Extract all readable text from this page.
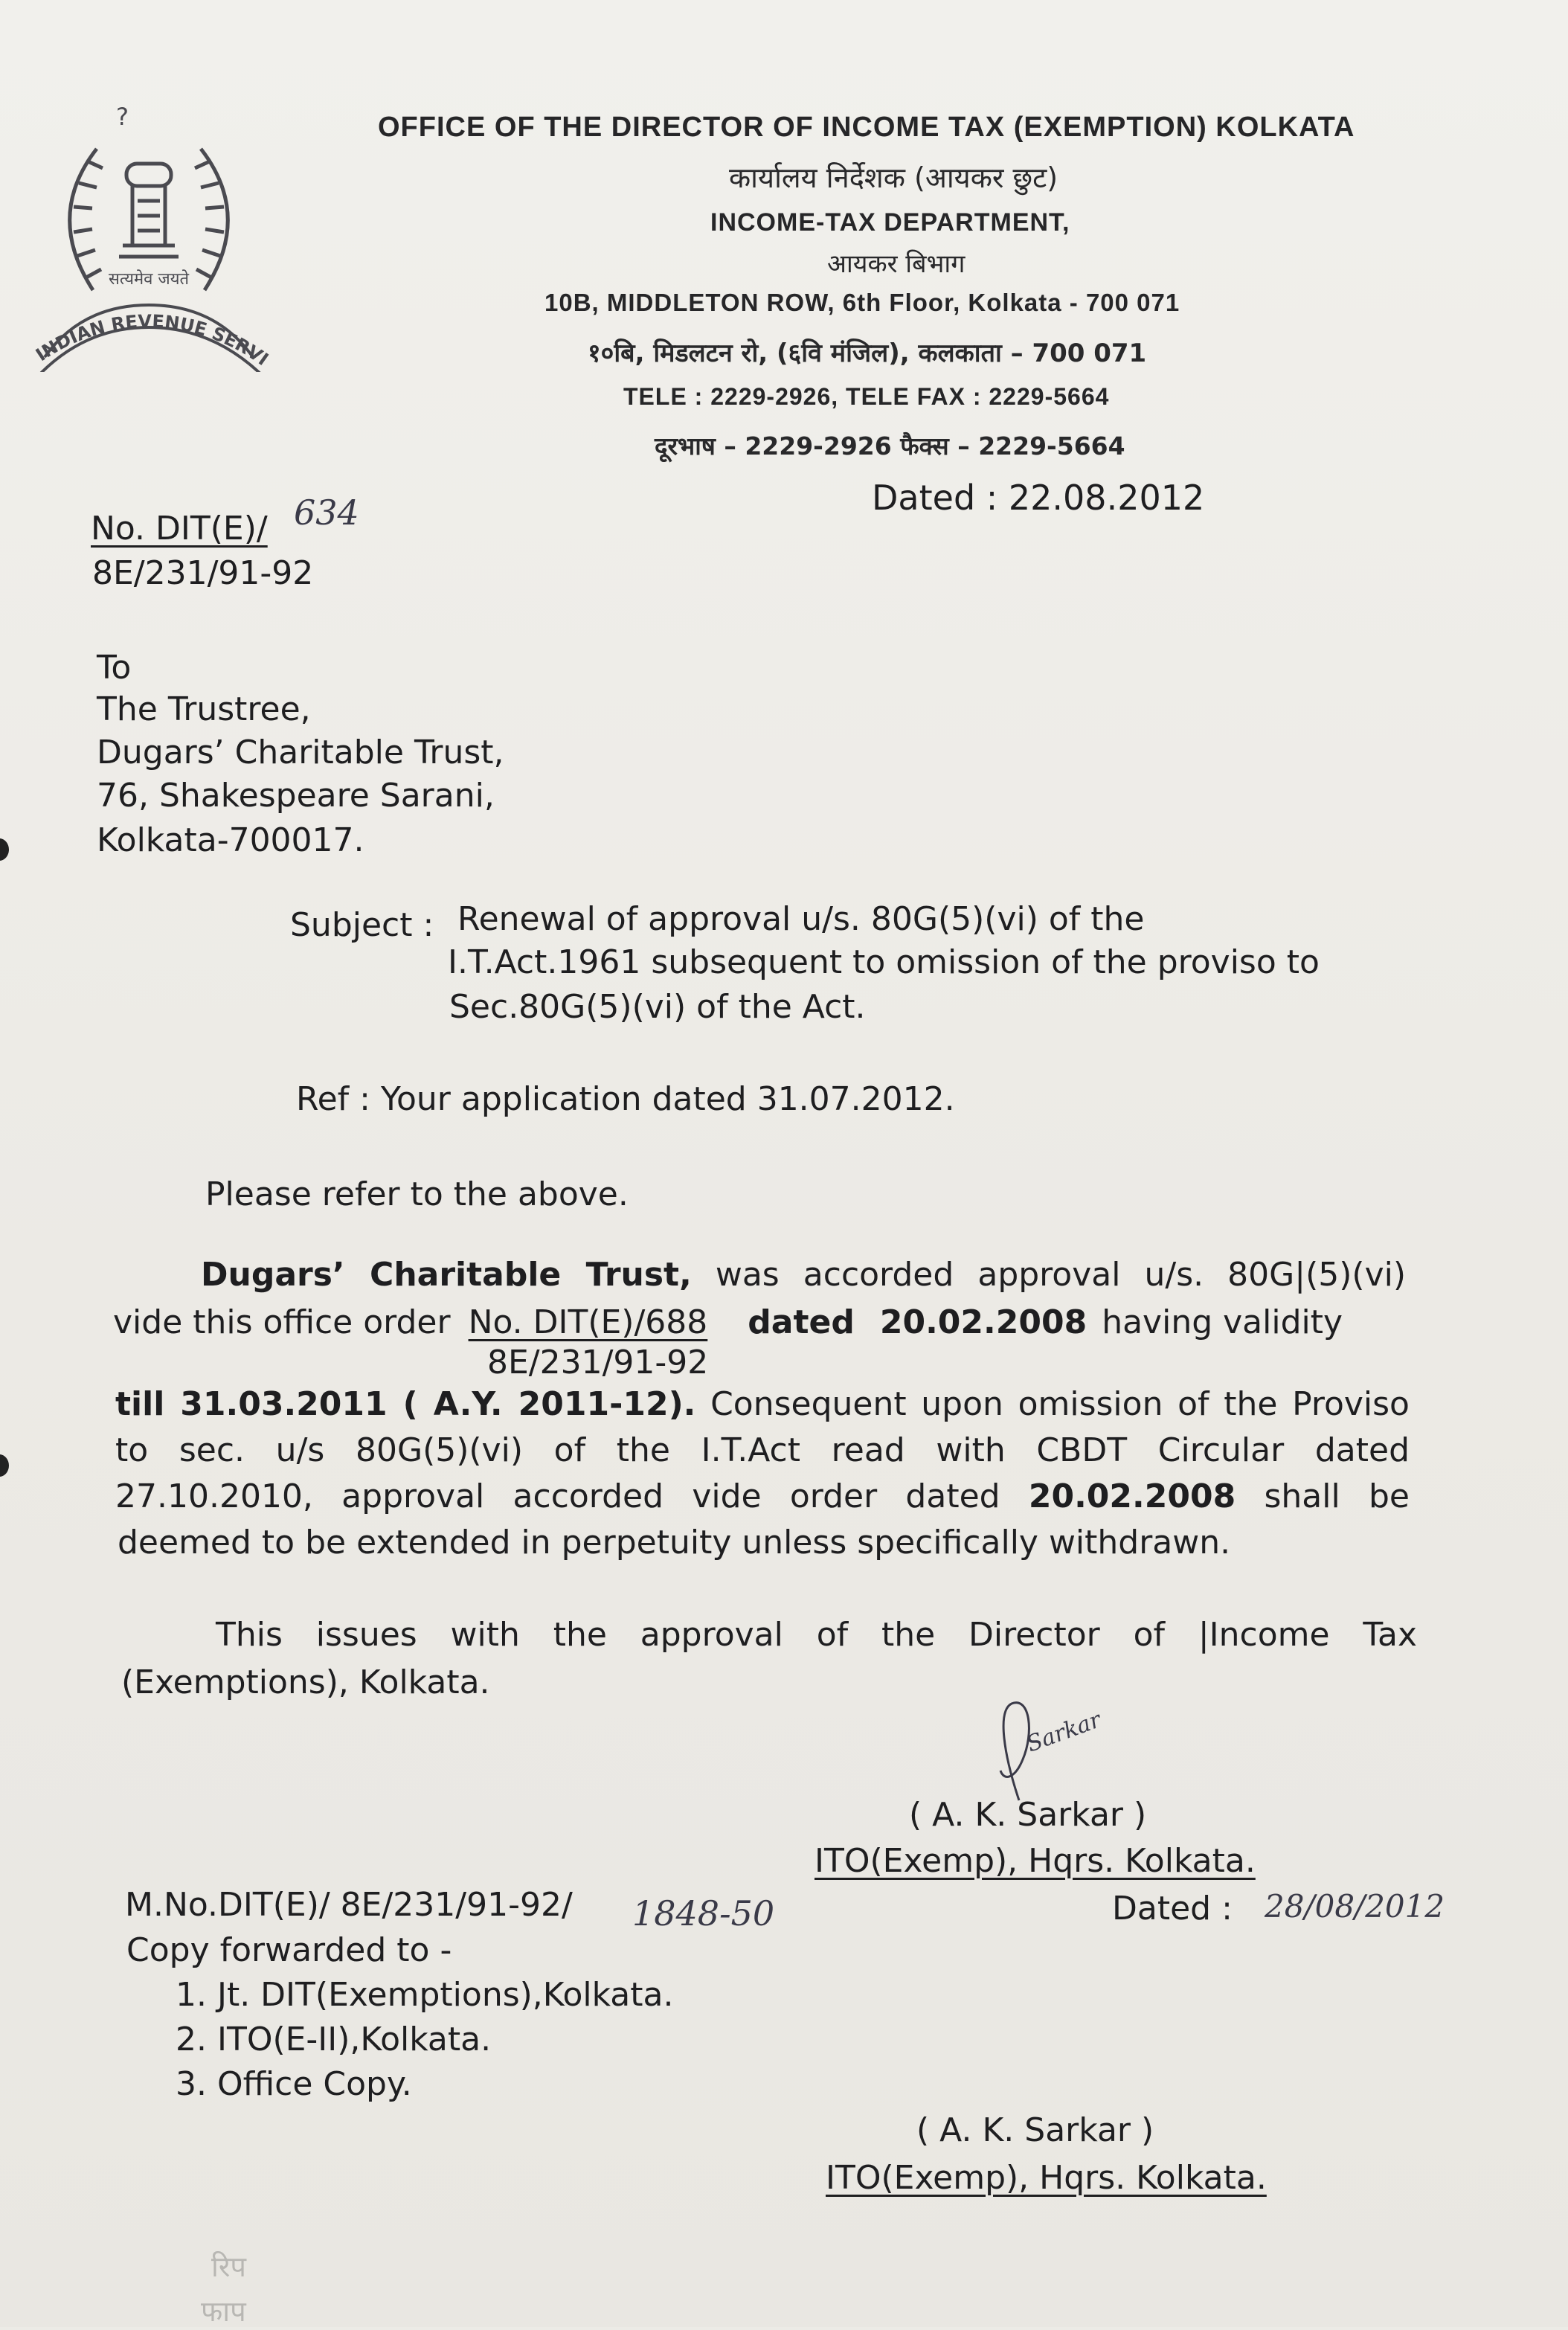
सत्यमेव जयते
?
INDIAN REVENUE SERVI
OFFICE OF THE DIRECTOR OF INCOME TAX (EXEMPTION) KOLKATA
कार्यालय निर्देशक (आयकर छुट)
INCOME-TAX DEPARTMENT,
आयकर बिभाग
10B, MIDDLETON ROW, 6th Floor, Kolkata - 700 071
१०बि, मिडलटन रो, (६वि मंजिल), कलकाता – 700 071
TELE : 2229-2926, TELE FAX : 2229-5664
दूरभाष – 2229-2926 फैक्स – 2229-5664
Dated : 22.08.2012
No. DIT(E)/ 634
8E/231/91-92
To
The Trustree,
Dugars’ Charitable Trust,
76, Shakespeare Sarani,
Kolkata-700017.
Subject : Renewal of approval u/s. 80G(5)(vi) of the
I.T.Act.1961 subsequent to omission of the proviso to
Sec.80G(5)(vi) of the Act.
Ref : Your application dated 31.07.2012.
Please refer to the above.
Dugars’ Charitable Trust, was accorded approval u/s. 80G|(5)(vi)
vide this office order No. DIT(E)/688 dated 20.02.2008 having validity
8E/231/91-92
till 31.03.2011 ( A.Y. 2011-12). Consequent upon omission of the Proviso
to sec. u/s 80G(5)(vi) of the I.T.Act read with CBDT Circular dated
27.10.2010, approval accorded vide order dated 20.02.2008 shall be
deemed to be extended in perpetuity unless specifically withdrawn.
This issues with the approval of the Director of |Income Tax
(Exemptions), Kolkata.
Sarkar
( A. K. Sarkar )
ITO(Exemp), Hqrs. Kolkata.
M.No.DIT(E)/ 8E/231/91-92/ 1848-50	Dated : 28/08/2012
Copy forwarded to -
1. Jt. DIT(Exemptions),Kolkata.
2. ITO(E-II),Kolkata.
3. Office Copy.
( A. K. Sarkar )
ITO(Exemp), Hqrs. Kolkata.
रिप
फाप
